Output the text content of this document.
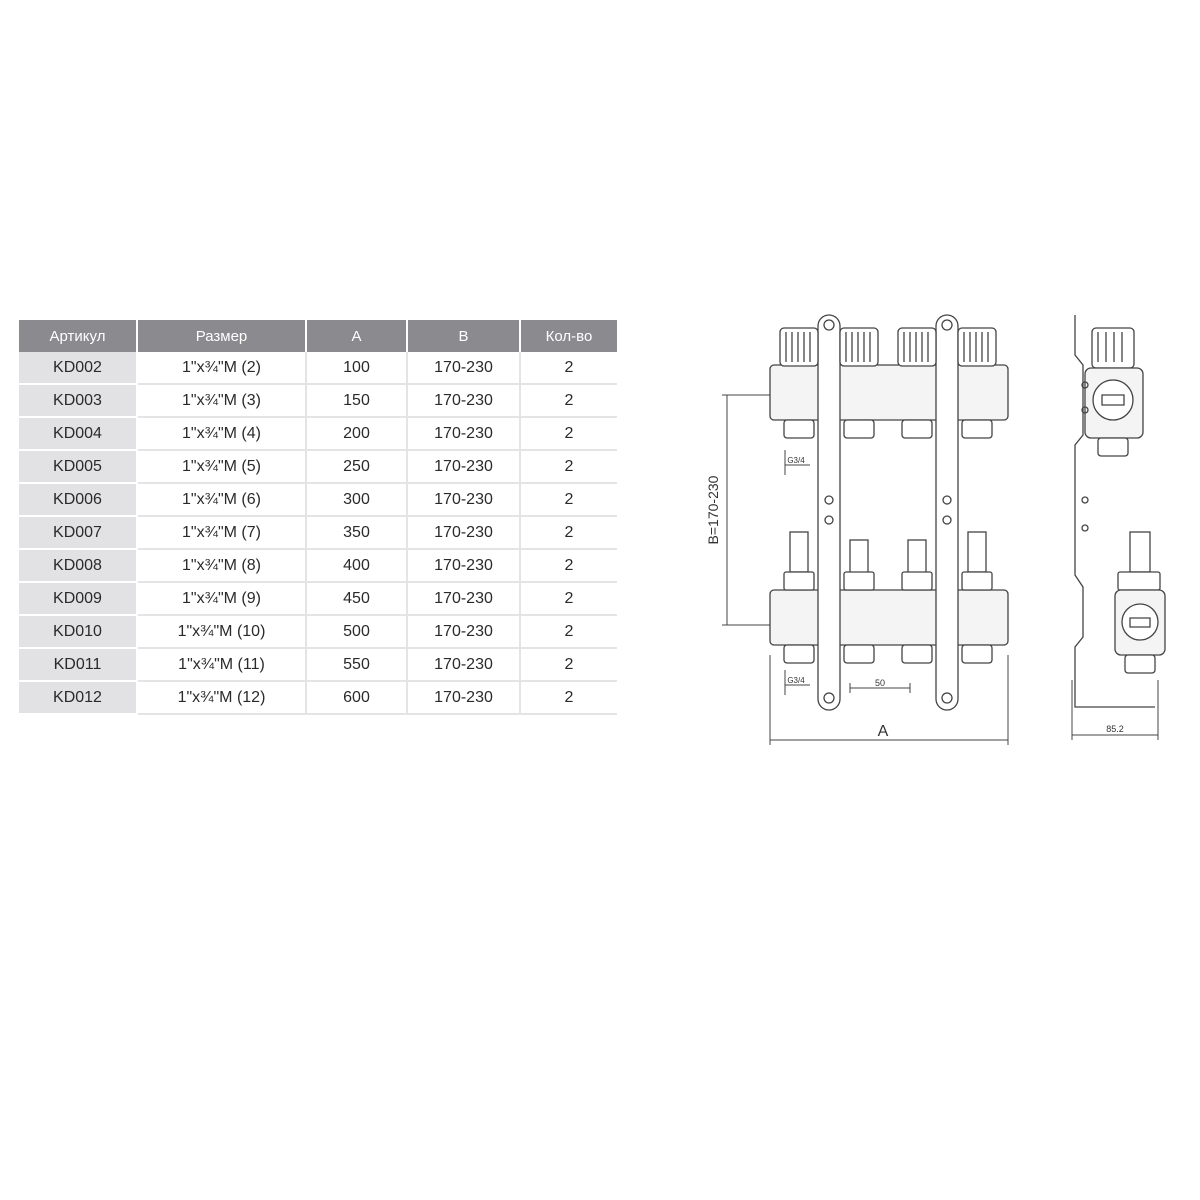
Артикул	Размер	A	B	Кол-во
KD002	1"x¾"M (2)	100	170-230	2
KD003	1"x¾"M (3)	150	170-230	2
KD004	1"x¾"M (4)	200	170-230	2
KD005	1"x¾"M (5)	250	170-230	2
KD006	1"x¾"M (6)	300	170-230	2
KD007	1"x¾"M (7)	350	170-230	2
KD008	1"x¾"M (8)	400	170-230	2
KD009	1"x¾"M (9)	450	170-230	2
KD010	1"x¾"M (10)	500	170-230	2
KD011	1"x¾"M (11)	550	170-230	2
KD012	1"x¾"M (12)	600	170-230	2
B=170-230
A
50
G3/4
G3/4
85.2
